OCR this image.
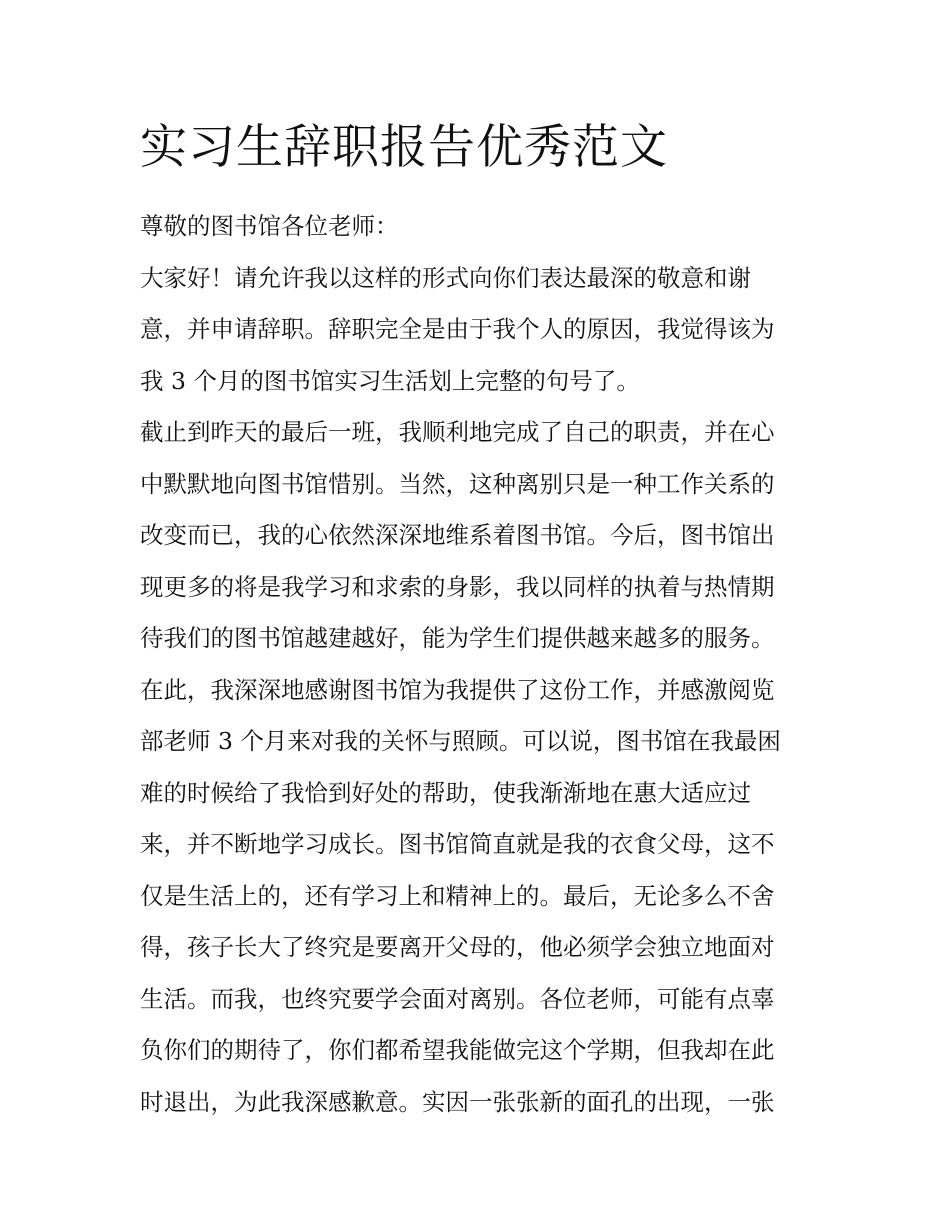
实习生辞职报告优秀范文

尊敬的图书馆各位老师：

大家好！请允许我以这样的形式向你们表达最深的敬意和谢

意，并申请辞职。辞职完全是由于我个人的原因，我觉得该为

我 3 个月的图书馆实习生活划上完整的句号了。

截止到昨天的最后一班，我顺利地完成了自己的职责，并在心

中默默地向图书馆惜别。当然，这种离别只是一种工作关系的

改变而已，我的心依然深深地维系着图书馆。今后，图书馆出

现更多的将是我学习和求索的身影，我以同样的执着与热情期

待我们的图书馆越建越好，能为学生们提供越来越多的服务。

在此，我深深地感谢图书馆为我提供了这份工作，并感激阅览

部老师 3 个月来对我的关怀与照顾。可以说，图书馆在我最困

难的时候给了我恰到好处的帮助，使我渐渐地在惠大适应过

来，并不断地学习成长。图书馆简直就是我的衣食父母，这不

仅是生活上的，还有学习上和精神上的。最后，无论多么不舍

得，孩子长大了终究是要离开父母的，他必须学会独立地面对

生活。而我，也终究要学会面对离别。各位老师，可能有点辜

负你们的期待了，你们都希望我能做完这个学期，但我却在此

时退出，为此我深感歉意。实因一张张新的面孔的出现，一张
